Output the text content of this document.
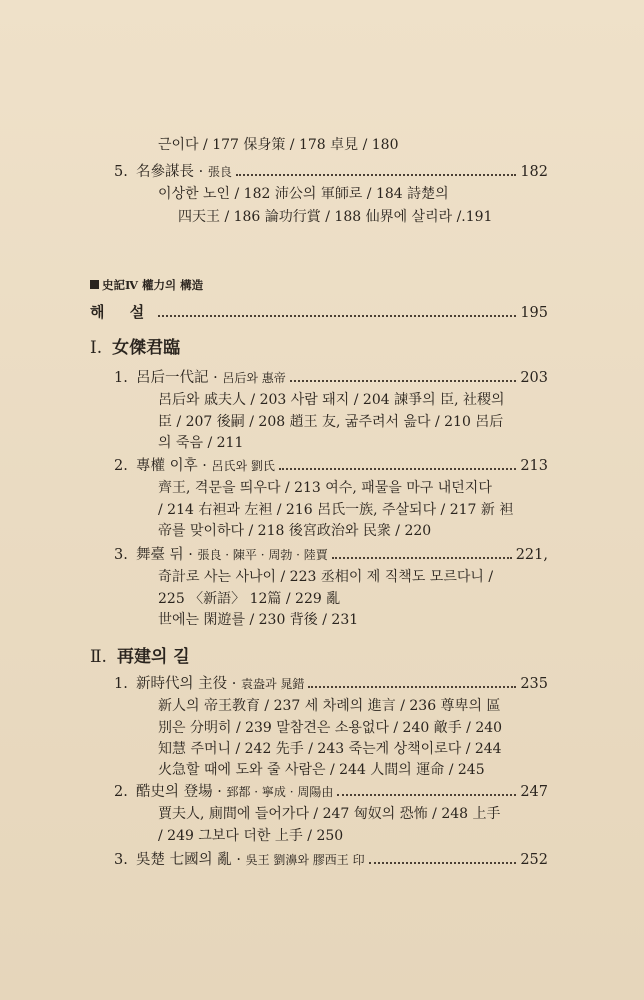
근이다 / 177 保身策 / 178 卓見 / 180
5. 名參謀長 · 張良	182
이상한 노인 / 182 沛公의 軍師로 / 184 詩楚의
四天王 / 186 論功行賞 / 188 仙界에 살리라 /.191
史記Ⅳ 權力의 構造
해 설	195
Ⅰ. 女傑君臨
1. 呂后一代記 · 呂后와 惠帝	203
呂后와 戚夫人 / 203 사람 돼지 / 204 諫爭의 臣, 社稷의
臣 / 207 後嗣 / 208 趙王 友, 굶주려서 읊다 / 210 呂后
의 죽음 / 211
2. 專權 이후 · 呂氏와 劉氏	213
齊王, 격문을 띄우다 / 213 여수, 패물을 마구 내던지다
/ 214 右袒과 左袒 / 216 呂氏一族, 주살되다 / 217 新 袒
帝를 맞이하다 / 218 後宮政治와 民衆 / 220
3. 舞臺 뒤 · 張良 · 陳平 · 周勃 · 陸賈	221,
奇計로 사는 사나이 / 223 丞相이 제 직책도 모르다니 /
225 〈新語〉 12篇 / 229 亂
世에는 閑遊를 / 230 背後 / 231
Ⅱ. 再建의 길
1. 新時代의 主役 · 袁盎과 晁錯	235
新人의 帝王教育 / 237 세 차례의 進言 / 236 尊卑의 區
別은 分明히 / 239 말참견은 소용없다 / 240 敵手 / 240
知慧 주머니 / 242 先手 / 243 죽는게 상책이로다 / 244
火急할 때에 도와 줄 사람은 / 244 人間의 運命 / 245
2. 酷史의 登場 · 郅都 · 寧成 · 周陽由	247
賈夫人, 廁間에 들어가다 / 247 匈奴의 恐怖 / 248 上手
/ 249 그보다 더한 上手 / 250
3. 吳楚 七國의 亂 · 吳王 劉濞와 膠西王 印	252
